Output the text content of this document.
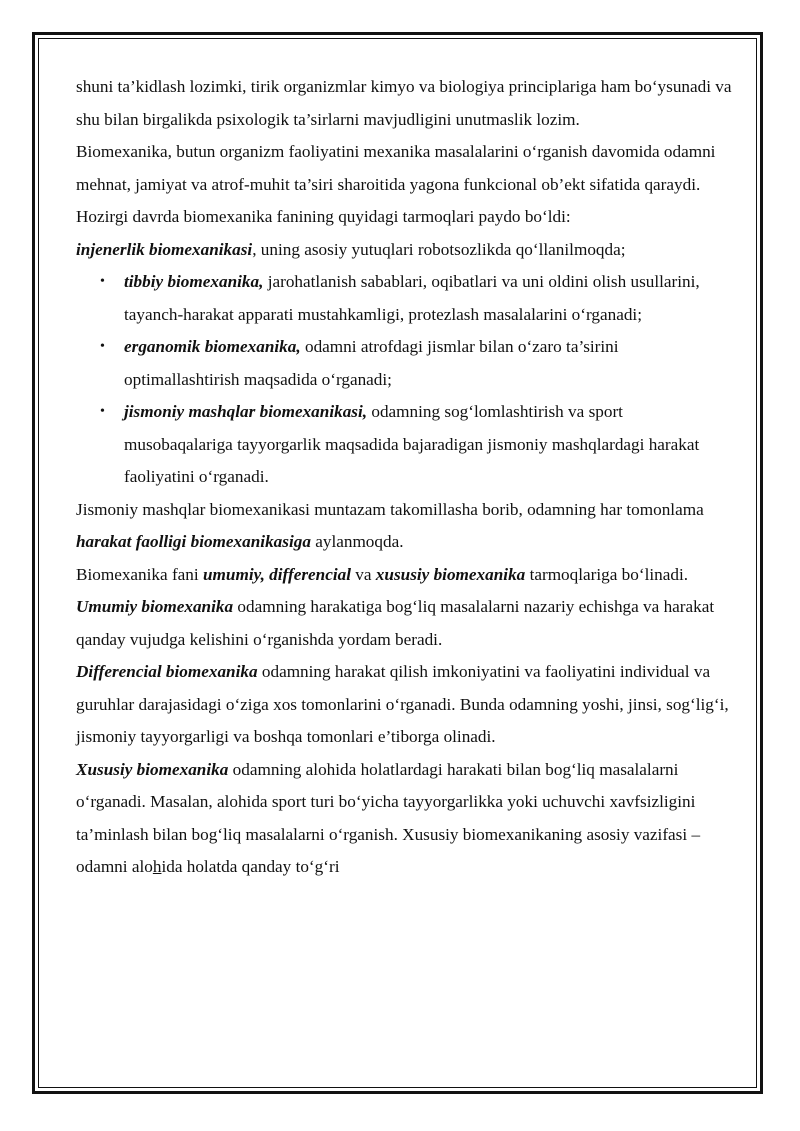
shuni ta’kidlash lozimki, tirik organizmlar kimyo va biologiya principlariga ham bo‘ysunadi va shu bilan birgalikda psixologik ta’sirlarni mavjudligini unutmaslik lozim.

Biomexanika, butun organizm faoliyatini mexanika masalalarini o‘rganish davomida odamni mehnat, jamiyat va atrof-muhit ta’siri sharoitida yagona funkcional ob’ekt sifatida qaraydi.

Hozirgi davrda biomexanika fanining quyidagi tarmoqlari paydo bo‘ldi:

injenerlik biomexanikasi, uning asosiy yutuqlari robotsozlikda qo‘llanilmoqda;

• tibbiy biomexanika, jarohatlanish sabablari, oqibatlari va uni oldini olish usullarini, tayanch-harakat apparati mustahkamligi, protezlash masalalarini o‘rganadi;
• erganomik biomexanika, odamni atrofdagi jismlar bilan o‘zaro ta’sirini optimallashtirish maqsadida o‘rganadi;
• jismoniy mashqlar biomexanikasi, odamning sog‘lomlashtirish va sport musobaqalariga tayyorgarlik maqsadida bajaradigan jismoniy mashqlardagi harakat faoliyatini o‘rganadi.

Jismoniy mashqlar biomexanikasi muntazam takomillasha borib, odamning har tomonlama harakat faolligi biomexanikasiga aylanmoqda.

Biomexanika fani umumiy, differencial va xususiy biomexanika tarmoqlariga bo‘linadi.

Umumiy biomexanika odamning harakatiga bog‘liq masalalarni nazariy echishga va harakat qanday vujudga kelishini o‘rganishda yordam beradi.

Differencial biomexanika odamning harakat qilish imkoniyatini va faoliyatini individual va guruhlar darajasidagi o‘ziga xos tomonlarini o‘rganadi. Bunda odamning yoshi, jinsi, sog‘lig‘i, jismoniy tayyorgarligi va boshqa tomonlari e’tiborga olinadi.

Xususiy biomexanika odamning alohida holatlardagi harakati bilan bog‘liq masalalarni o‘rganadi. Masalan, alohida sport turi bo‘yicha tayyorgarlikka yoki uchuvchi xavfsizligini ta’minlash bilan bog‘liq masalalarni o‘rganish. Xususiy biomexanikaning asosiy vazifasi – odamni alohida holatda qanday to‘g‘ri
